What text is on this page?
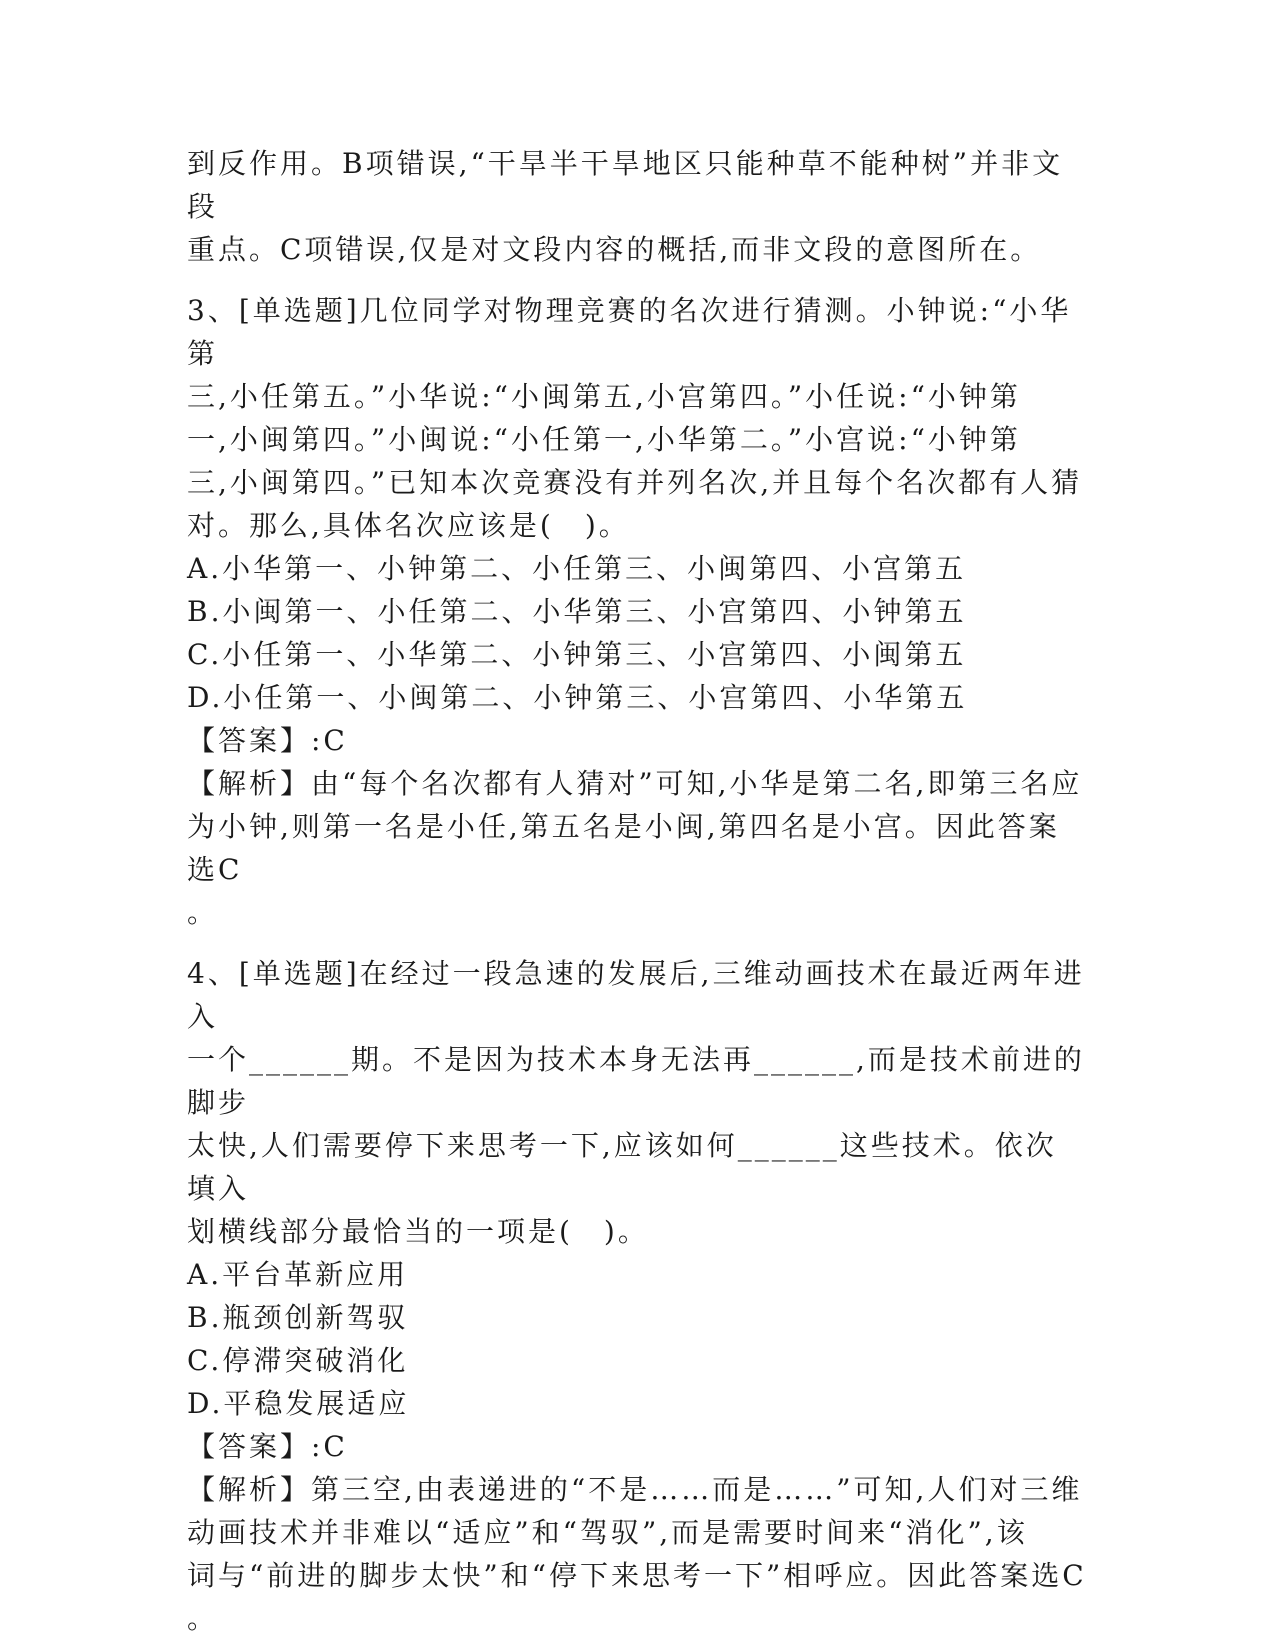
到反作用。B项错误,“干旱半干旱地区只能种草不能种树”并非文段

重点。C项错误,仅是对文段内容的概括,而非文段的意图所在。

3、[单选题]几位同学对物理竞赛的名次进行猜测。小钟说:“小华第

三,小任第五。”小华说:“小闽第五,小宫第四。”小任说:“小钟第

一,小闽第四。”小闽说:“小任第一,小华第二。”小宫说:“小钟第

三,小闽第四。”已知本次竞赛没有并列名次,并且每个名次都有人猜

对。那么,具体名次应该是(　)。

A.小华第一、小钟第二、小任第三、小闽第四、小宫第五

B.小闽第一、小任第二、小华第三、小宫第四、小钟第五

C.小任第一、小华第二、小钟第三、小宫第四、小闽第五

D.小任第一、小闽第二、小钟第三、小宫第四、小华第五

【答案】:C

【解析】由“每个名次都有人猜对”可知,小华是第二名,即第三名应

为小钟,则第一名是小任,第五名是小闽,第四名是小宫。因此答案选C

。

4、[单选题]在经过一段急速的发展后,三维动画技术在最近两年进入

一个______期。不是因为技术本身无法再______,而是技术前进的脚步

太快,人们需要停下来思考一下,应该如何______这些技术。依次填入

划横线部分最恰当的一项是(　)。

A.平台革新应用

B.瓶颈创新驾驭

C.停滞突破消化

D.平稳发展适应

【答案】:C

【解析】第三空,由表递进的“不是……而是……”可知,人们对三维

动画技术并非难以“适应”和“驾驭”,而是需要时间来“消化”,该

词与“前进的脚步太快”和“停下来思考一下”相呼应。因此答案选C

。
